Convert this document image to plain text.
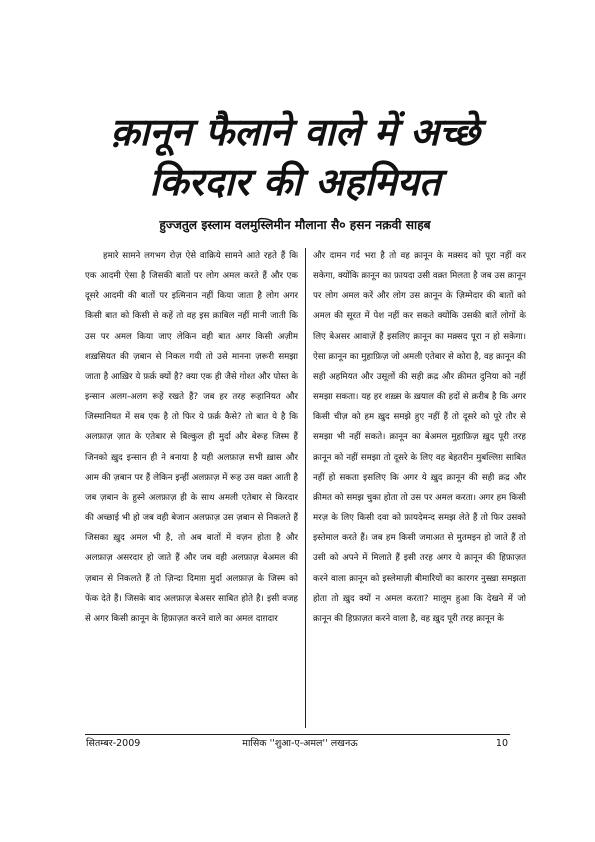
क़ानून फैलाने वाले में अच्छे
किरदार की अहमियत

हुज्जतुल इस्लाम वलमुस्लिमीन मौलाना सै० हसन नक़वी साहब

हमारे सामने लगभग रोज़ ऐसे वाक़िये सामने आते रहते हैं कि एक आदमी ऐसा है जिसकी बातों पर लोग अमल करते हैं और एक दूसरे आदमी की बातों पर इत्मिनान नहीं किया जाता है लोग अगर किसी बात को किसी से कहें तो वह इस क़ाबिल नहीं मानी जाती कि उस पर अमल किया जाए लेकिन वही बात अगर किसी अज़ीम शख़सियत की ज़बान से निकल गयी तो उसे मानना ज़रूरी समझा जाता है आख़िर ये फ़र्क़ क्यों है? क्या एक ही जैसे गोश्त और पोस्त के इन्सान अलग-अलग रूहें रखते हैं? जब हर तरह रूहानियत और जिस्मानियत में सब एक है तो फिर ये फ़र्क़ कैसे? तो बात ये है कि अलफ़ाज़ ज़ात के एतेबार से बिल्कुल ही मुर्दा और बेरूह जिस्म हैं जिनको ख़ुद इन्सान ही ने बनाया है यही अलफ़ाज़ सभी ख़ास और आम की ज़बान पर हैं लेकिन इन्हीं अलफ़ाज़ में रूह उस वक़्त आती है जब ज़बान के हुस्ने अलफ़ाज़ ही के साथ अमली एतेबार से किरदार की अच्छाई भी हो जब वही बेजान अलफ़ाज़ उस ज़बान से निकलते हैं जिसका ख़ुद अमल भी है, तो अब बातों में वज़न होता है और अलफ़ाज़ असरदार हो जाते हैं और जब वही अलफ़ाज़ बेअमल की ज़बान से निकलते हैं तो ज़िन्दा दिमाग़ मुर्दा अलफ़ाज़ के जिस्म को फेंक देते हैं। जिसके बाद अलफ़ाज़ बेअसर साबित होते है। इसी वजह से अगर किसी क़ानून के हिफ़ाज़त करने वाले का अमल दाग़दार

और दामन गर्द भरा है तो वह क़ानून के मक़्सद को पूरा नहीं कर सकेगा, क्योंकि क़ानून का फ़ायदा उसी वक़्त मिलता है जब उस क़ानून पर लोग अमल करें और लोग उस क़ानून के ज़िम्मेदार की बातों को अमल की सूरत में पेश नहीं कर सकते क्योंकि उसकी बातें लोगों के लिए बेअसर आवाज़ें हैं इसलिए क़ानून का मक़्सद पूरा न हो सकेगा। ऐसा क़ानून का मुहाफ़िज़ जो अमली एतेबार से कोरा है, वह क़ानून की सही अहमियत और उसूलों की सही क़द्र और क़ीमत दुनिया को नहीं समझा सकता। यह हर शख़्स के ख़याल की हदों से क़रीब है कि अगर किसी चीज़ को हम ख़ुद समझे हुए नहीं हैं तो दूसरे को पूरे तौर से समझा भी नहीं सकते। क़ानून का बेअमल मुहाफ़िज़ ख़ुद पूरी तरह क़ानून को नहीं समझा तो दूसरे के लिए वह बेहतरीन मुबल्लिग़ साबित नहीं हो सकता इसलिए कि अगर ये ख़ुद क़ानून की सही क़द्र और क़ीमत को समझ चुका होता तो उस पर अमल करता। अगर हम किसी मरज़ के लिए किसी दवा को फ़ायदेमन्द समझ लेते हैं तो फिर उसको इस्तेमाल करते हैं। जब हम किसी जमाअत से मुतमइन हो जाते हैं तो उसी को अपने में मिलाते हैं इसी तरह अगर ये क़ानून की हिफ़ाज़त करने वाला क़ानून को इस्लेमाज़ी बीमारियों का कारगर नुस्ख़ा समझता होता तो ख़ुद क्यों न अमल करता? मालूम हुआ कि देखने में जो क़ानून की हिफ़ाज़त करने वाला है, वह ख़ुद पूरी तरह क़ानून के

सितम्बर-2009	मासिक ''शुआ-ए-अमल'' लखनऊ	10
